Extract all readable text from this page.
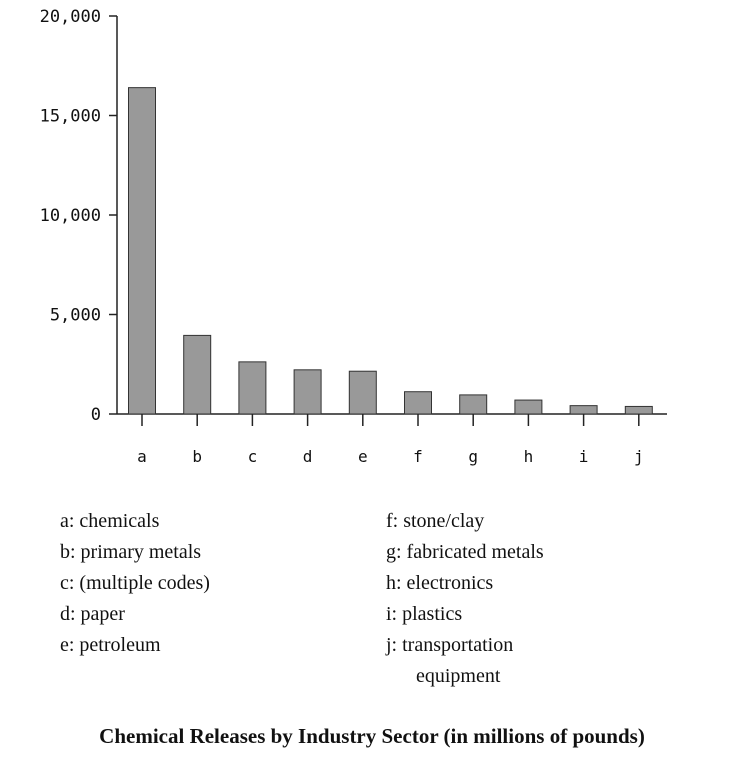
0
5,000
10,000
15,000
20,000
a	b	c	d	e	f	g	h	i	j
a: chemicals
b: primary metals
c: (multiple codes)
d: paper
e: petroleum
f: stone/clay
g: fabricated metals
h: electronics
i: plastics
j: transportation
equipment
Chemical Releases by Industry Sector (in millions of pounds)
